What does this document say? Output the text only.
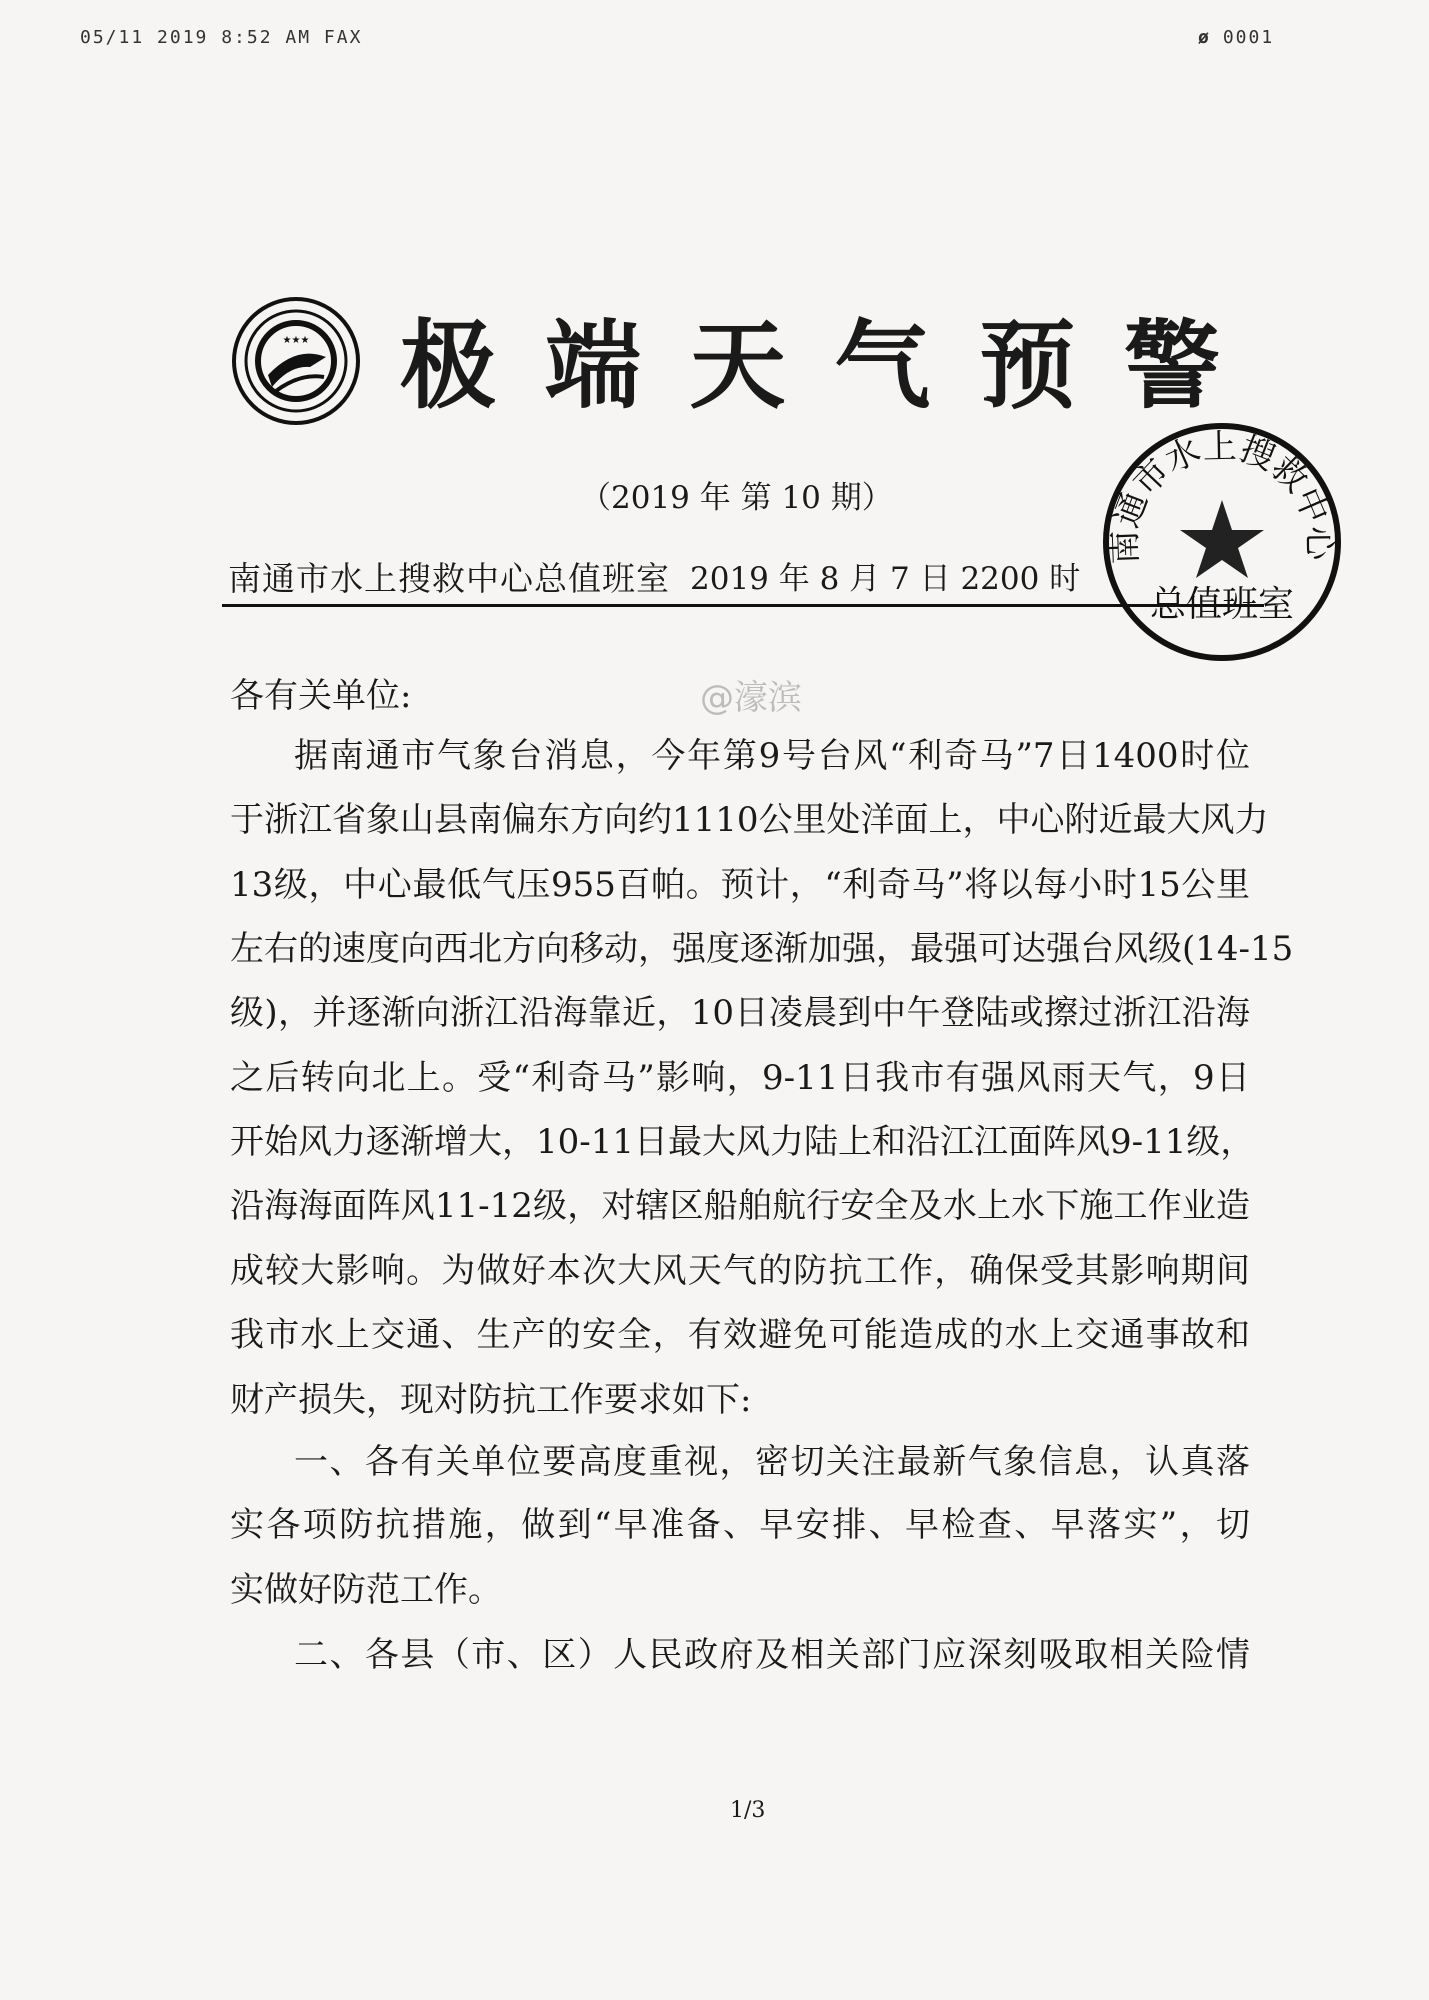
05/11 2019 8:52 AM FAX	ø 0001
★★★ 极 端 天 气 预 警
（2019 年 第 10 期）
南通市水上搜救中心总值班室 2019 年 8 月 7 日 2200 时
南通市水上搜救中心
总值班室
各有关单位:
据南通市气象台消息，今年第9号台风“利奇马”7日1400时位
于浙江省象山县南偏东方向约1110公里处洋面上，中心附近最大风力
13级，中心最低气压955百帕。预计，“利奇马”将以每小时15公里
左右的速度向西北方向移动，强度逐渐加强，最强可达强台风级(14-15
级)，并逐渐向浙江沿海靠近，10日凌晨到中午登陆或擦过浙江沿海
之后转向北上。受“利奇马”影响，9-11日我市有强风雨天气，9日
开始风力逐渐增大，10-11日最大风力陆上和沿江江面阵风9-11级，
沿海海面阵风11-12级，对辖区船舶航行安全及水上水下施工作业造
成较大影响。为做好本次大风天气的防抗工作，确保受其影响期间
我市水上交通、生产的安全，有效避免可能造成的水上交通事故和
财产损失，现对防抗工作要求如下:
一、各有关单位要高度重视，密切关注最新气象信息，认真落
实各项防抗措施，做到“早准备、早安排、早检查、早落实”，切
实做好防范工作。
二、各县（市、区）人民政府及相关部门应深刻吸取相关险情
@濠滨
1/3
